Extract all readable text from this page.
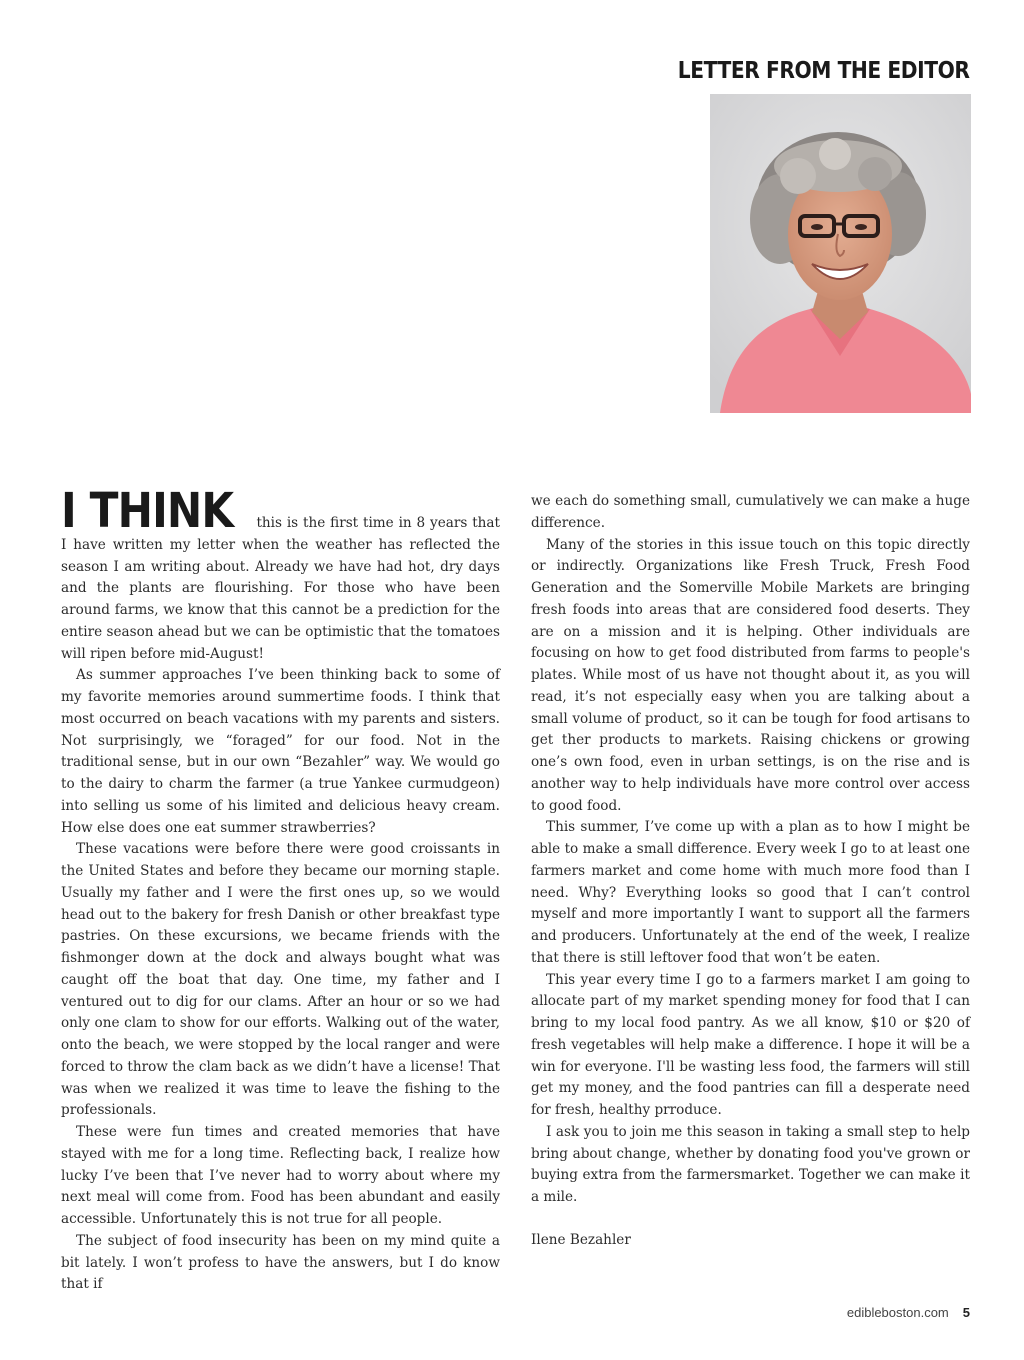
LETTER FROM THE EDITOR

I THINK this is the first time in 8 years that I have written my letter when the weather has reflected the season I am writing about. Already we have had hot, dry days and the plants are flourishing. For those who have been around farms, we know that this cannot be a prediction for the entire season ahead but we can be optimistic that the tomatoes will ripen before mid-August!

As summer approaches I’ve been thinking back to some of my favorite memories around summertime foods. I think that most occurred on beach vacations with my parents and sisters. Not surprisingly, we “foraged” for our food. Not in the traditional sense, but in our own “Bezahler” way. We would go to the dairy to charm the farmer (a true Yankee curmudgeon) into selling us some of his limited and delicious heavy cream. How else does one eat summer strawberries?

These vacations were before there were good croissants in the United States and before they became our morning staple. Usually my father and I were the first ones up, so we would head out to the bakery for fresh Danish or other breakfast type pastries. On these excursions, we became friends with the fishmonger down at the dock and always bought what was caught off the boat that day. One time, my father and I ventured out to dig for our clams. After an hour or so we had only one clam to show for our efforts. Walking out of the water, onto the beach, we were stopped by the local ranger and were forced to throw the clam back as we didn’t have a license! That was when we realized it was time to leave the fishing to the professionals.

These were fun times and created memories that have stayed with me for a long time. Reflecting back, I realize how lucky I’ve been that I’ve never had to worry about where my next meal will come from. Food has been abundant and easily accessible. Unfortunately this is not true for all people.

The subject of food insecurity has been on my mind quite a bit lately. I won’t profess to have the answers, but I do know that if

we each do something small, cumulatively we can make a huge difference.

Many of the stories in this issue touch on this topic directly or indirectly. Organizations like Fresh Truck, Fresh Food Generation and the Somerville Mobile Markets are bringing fresh foods into areas that are considered food deserts. They are on a mission and it is helping. Other individuals are focusing on how to get food distributed from farms to people's plates. While most of us have not thought about it, as you will read, it’s not especially easy when you are talking about a small volume of product, so it can be tough for food artisans to get ther products to markets. Raising chickens or growing one’s own food, even in urban settings, is on the rise and is another way to help individuals have more control over access to good food.

This summer, I’ve come up with a plan as to how I might be able to make a small difference. Every week I go to at least one farmers market and come home with much more food than I need. Why? Everything looks so good that I can’t control myself and more importantly I want to support all the farmers and producers. Unfortunately at the end of the week, I realize that there is still leftover food that won’t be eaten.

This year every time I go to a farmers market I am going to allocate part of my market spending money for food that I can bring to my local food pantry. As we all know, $10 or $20 of fresh vegetables will help make a difference. I hope it will be a win for everyone. I'll be wasting less food, the farmers will still get my money, and the food pantries can fill a desperate need for fresh, healthy prroduce.

I ask you to join me this season in taking a small step to help bring about change, whether by donating food you've grown or buying extra from the farmersmarket. Together we can make it a mile.

Ilene Bezahler

edibleboston.com 5
